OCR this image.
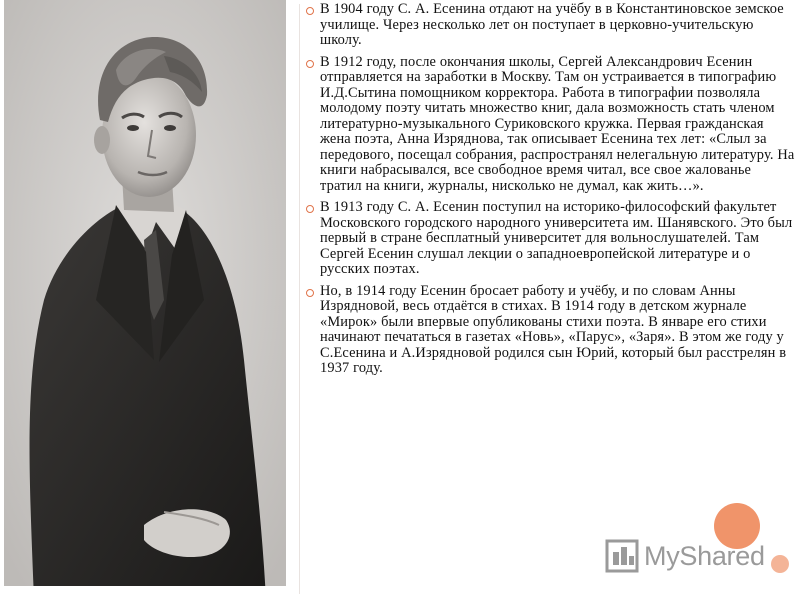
В 1904 году С. А. Есенина отдают на учёбу в в Константиновское земское училище. Через несколько лет он поступает в церковно-учительскую школу.
В 1912 году, после окончания школы, Сергей Александрович Есенин отправляется на заработки в Москву. Там он устраивается в типографию И.Д.Сытина помощником корректора. Работа в типографии позволяла молодому поэту читать множество книг, дала возможность стать членом литературно-музыкального Суриковского кружка. Первая гражданская жена поэта, Анна Изряднова, так описывает Есенина тех лет: «Слыл за передового, посещал собрания, распространял нелегальную литературу. На книги набрасывался, все свободное время читал, все свое жалованье тратил на книги, журналы, нисколько не думал, как жить…».
В 1913 году С. А. Есенин поступил на историко-философский факультет Московского городского народного университета им. Шанявского. Это был первый в стране бесплатный университет для вольнослушателей. Там Сергей Есенин слушал лекции о западноевропейской литературе и о русских поэтах.
Но, в 1914 году Есенин бросает работу и учёбу, и по словам Анны Изрядновой, весь отдаётся в стихах. В 1914 году в детском журнале «Мирок» были впервые опубликованы стихи поэта. В январе его стихи начинают печататься в газетах «Новь», «Парус», «Заря». В этом же году у С.Есенина и А.Изрядновой родился сын Юрий, который был расстрелян в 1937 году.
MyShared
